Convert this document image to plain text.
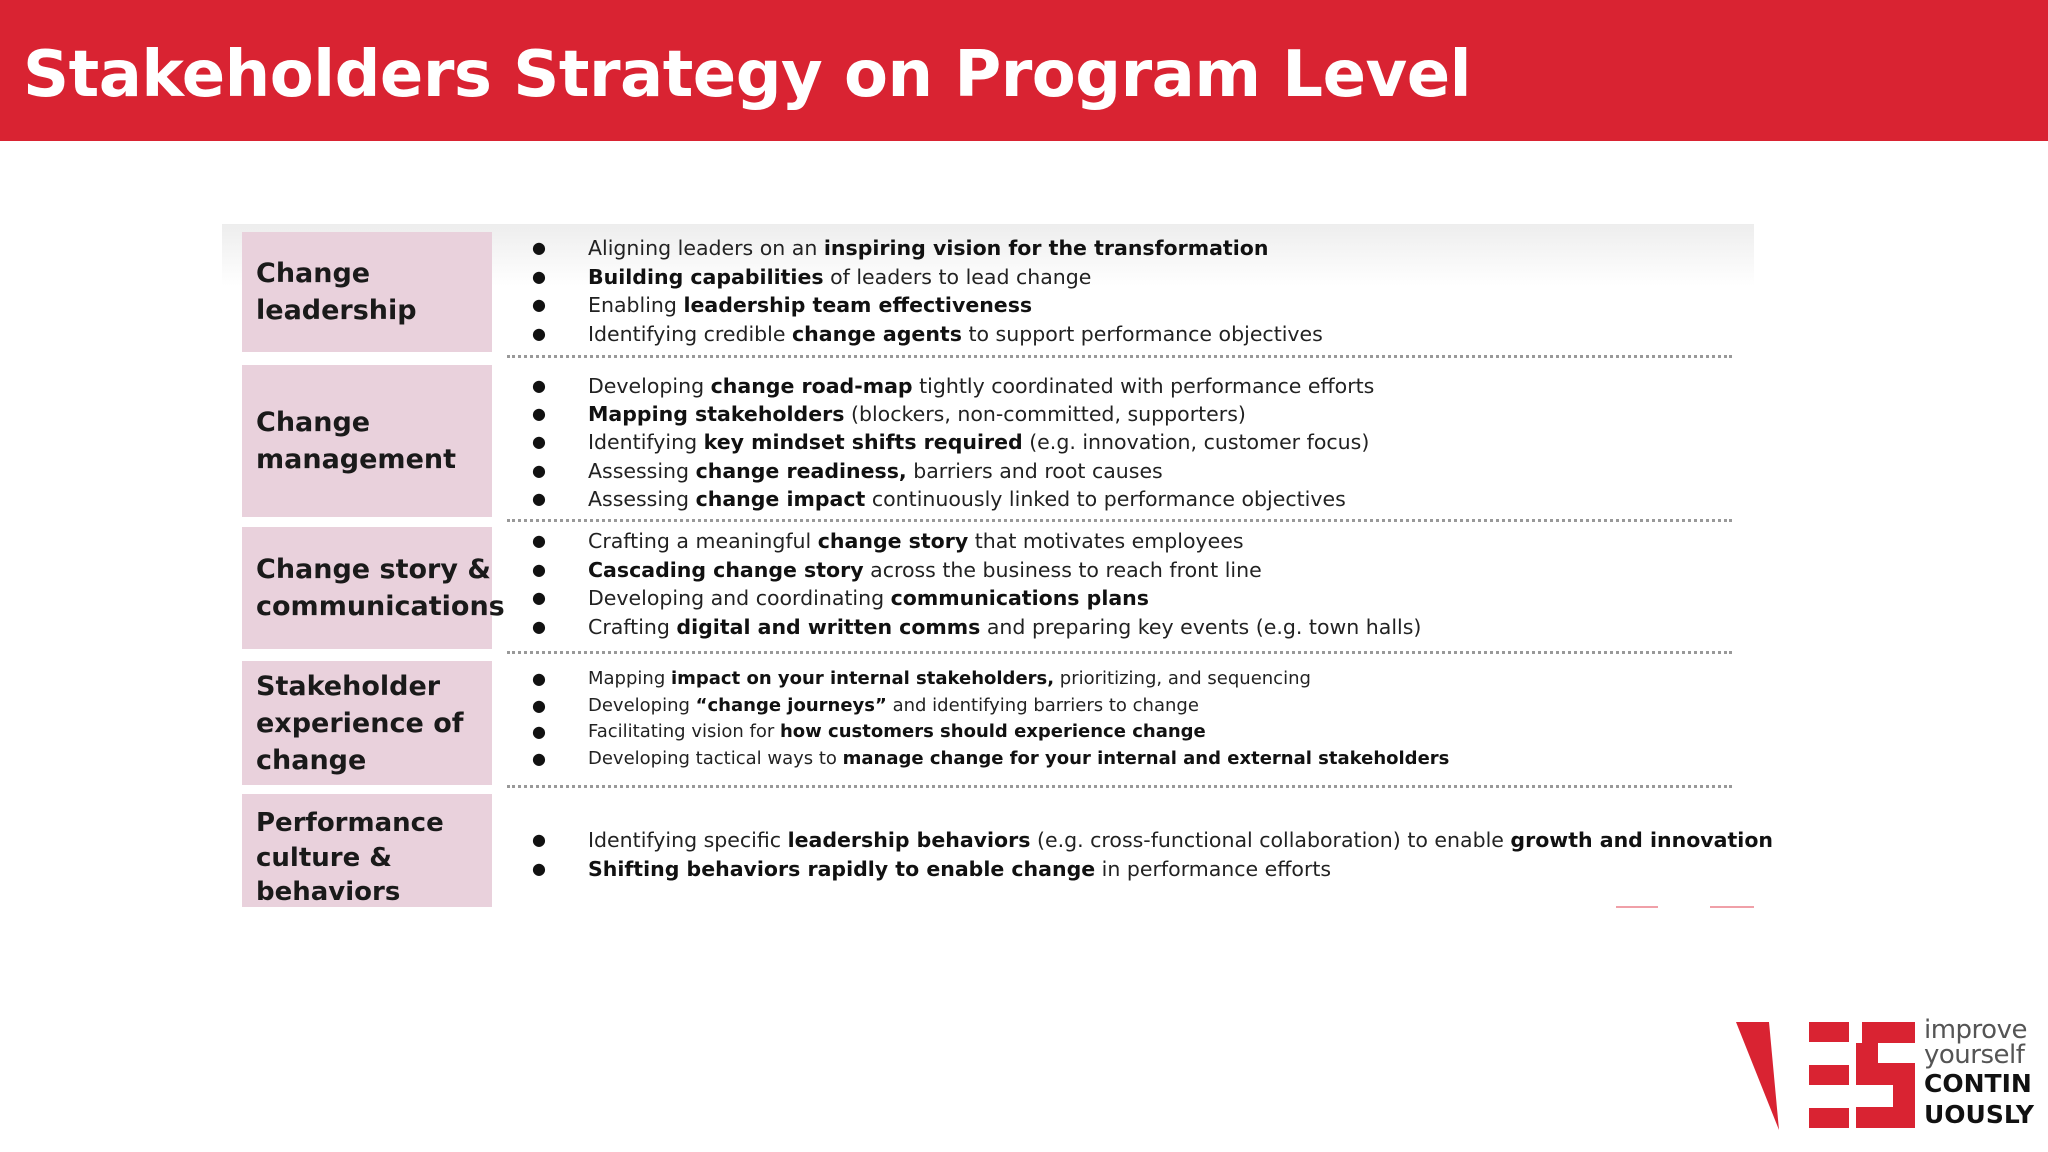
Stakeholders Strategy on Program Level
Change leadership
● Aligning leaders on an inspiring vision for the transformation
● Building capabilities of leaders to lead change
● Enabling leadership team effectiveness
● Identifying credible change agents to support performance objectives
Change management
● Developing change road-map tightly coordinated with performance efforts
● Mapping stakeholders (blockers, non-committed, supporters)
● Identifying key mindset shifts required (e.g. innovation, customer focus)
● Assessing change readiness, barriers and root causes
● Assessing change impact continuously linked to performance objectives
Change story & communications
● Crafting a meaningful change story that motivates employees
● Cascading change story across the business to reach front line
● Developing and coordinating communications plans
● Crafting digital and written comms and preparing key events (e.g. town halls)
Stakeholder experience of change
● Mapping impact on your internal stakeholders, prioritizing, and sequencing
● Developing “change journeys” and identifying barriers to change
● Facilitating vision for how customers should experience change
● Developing tactical ways to manage change for your internal and external stakeholders
Performance culture & behaviors
● Identifying specific leadership behaviors (e.g. cross-functional collaboration) to enable growth and innovation
● Shifting behaviors rapidly to enable change in performance efforts
improve
yourself
CONTIN
UOUSLY
